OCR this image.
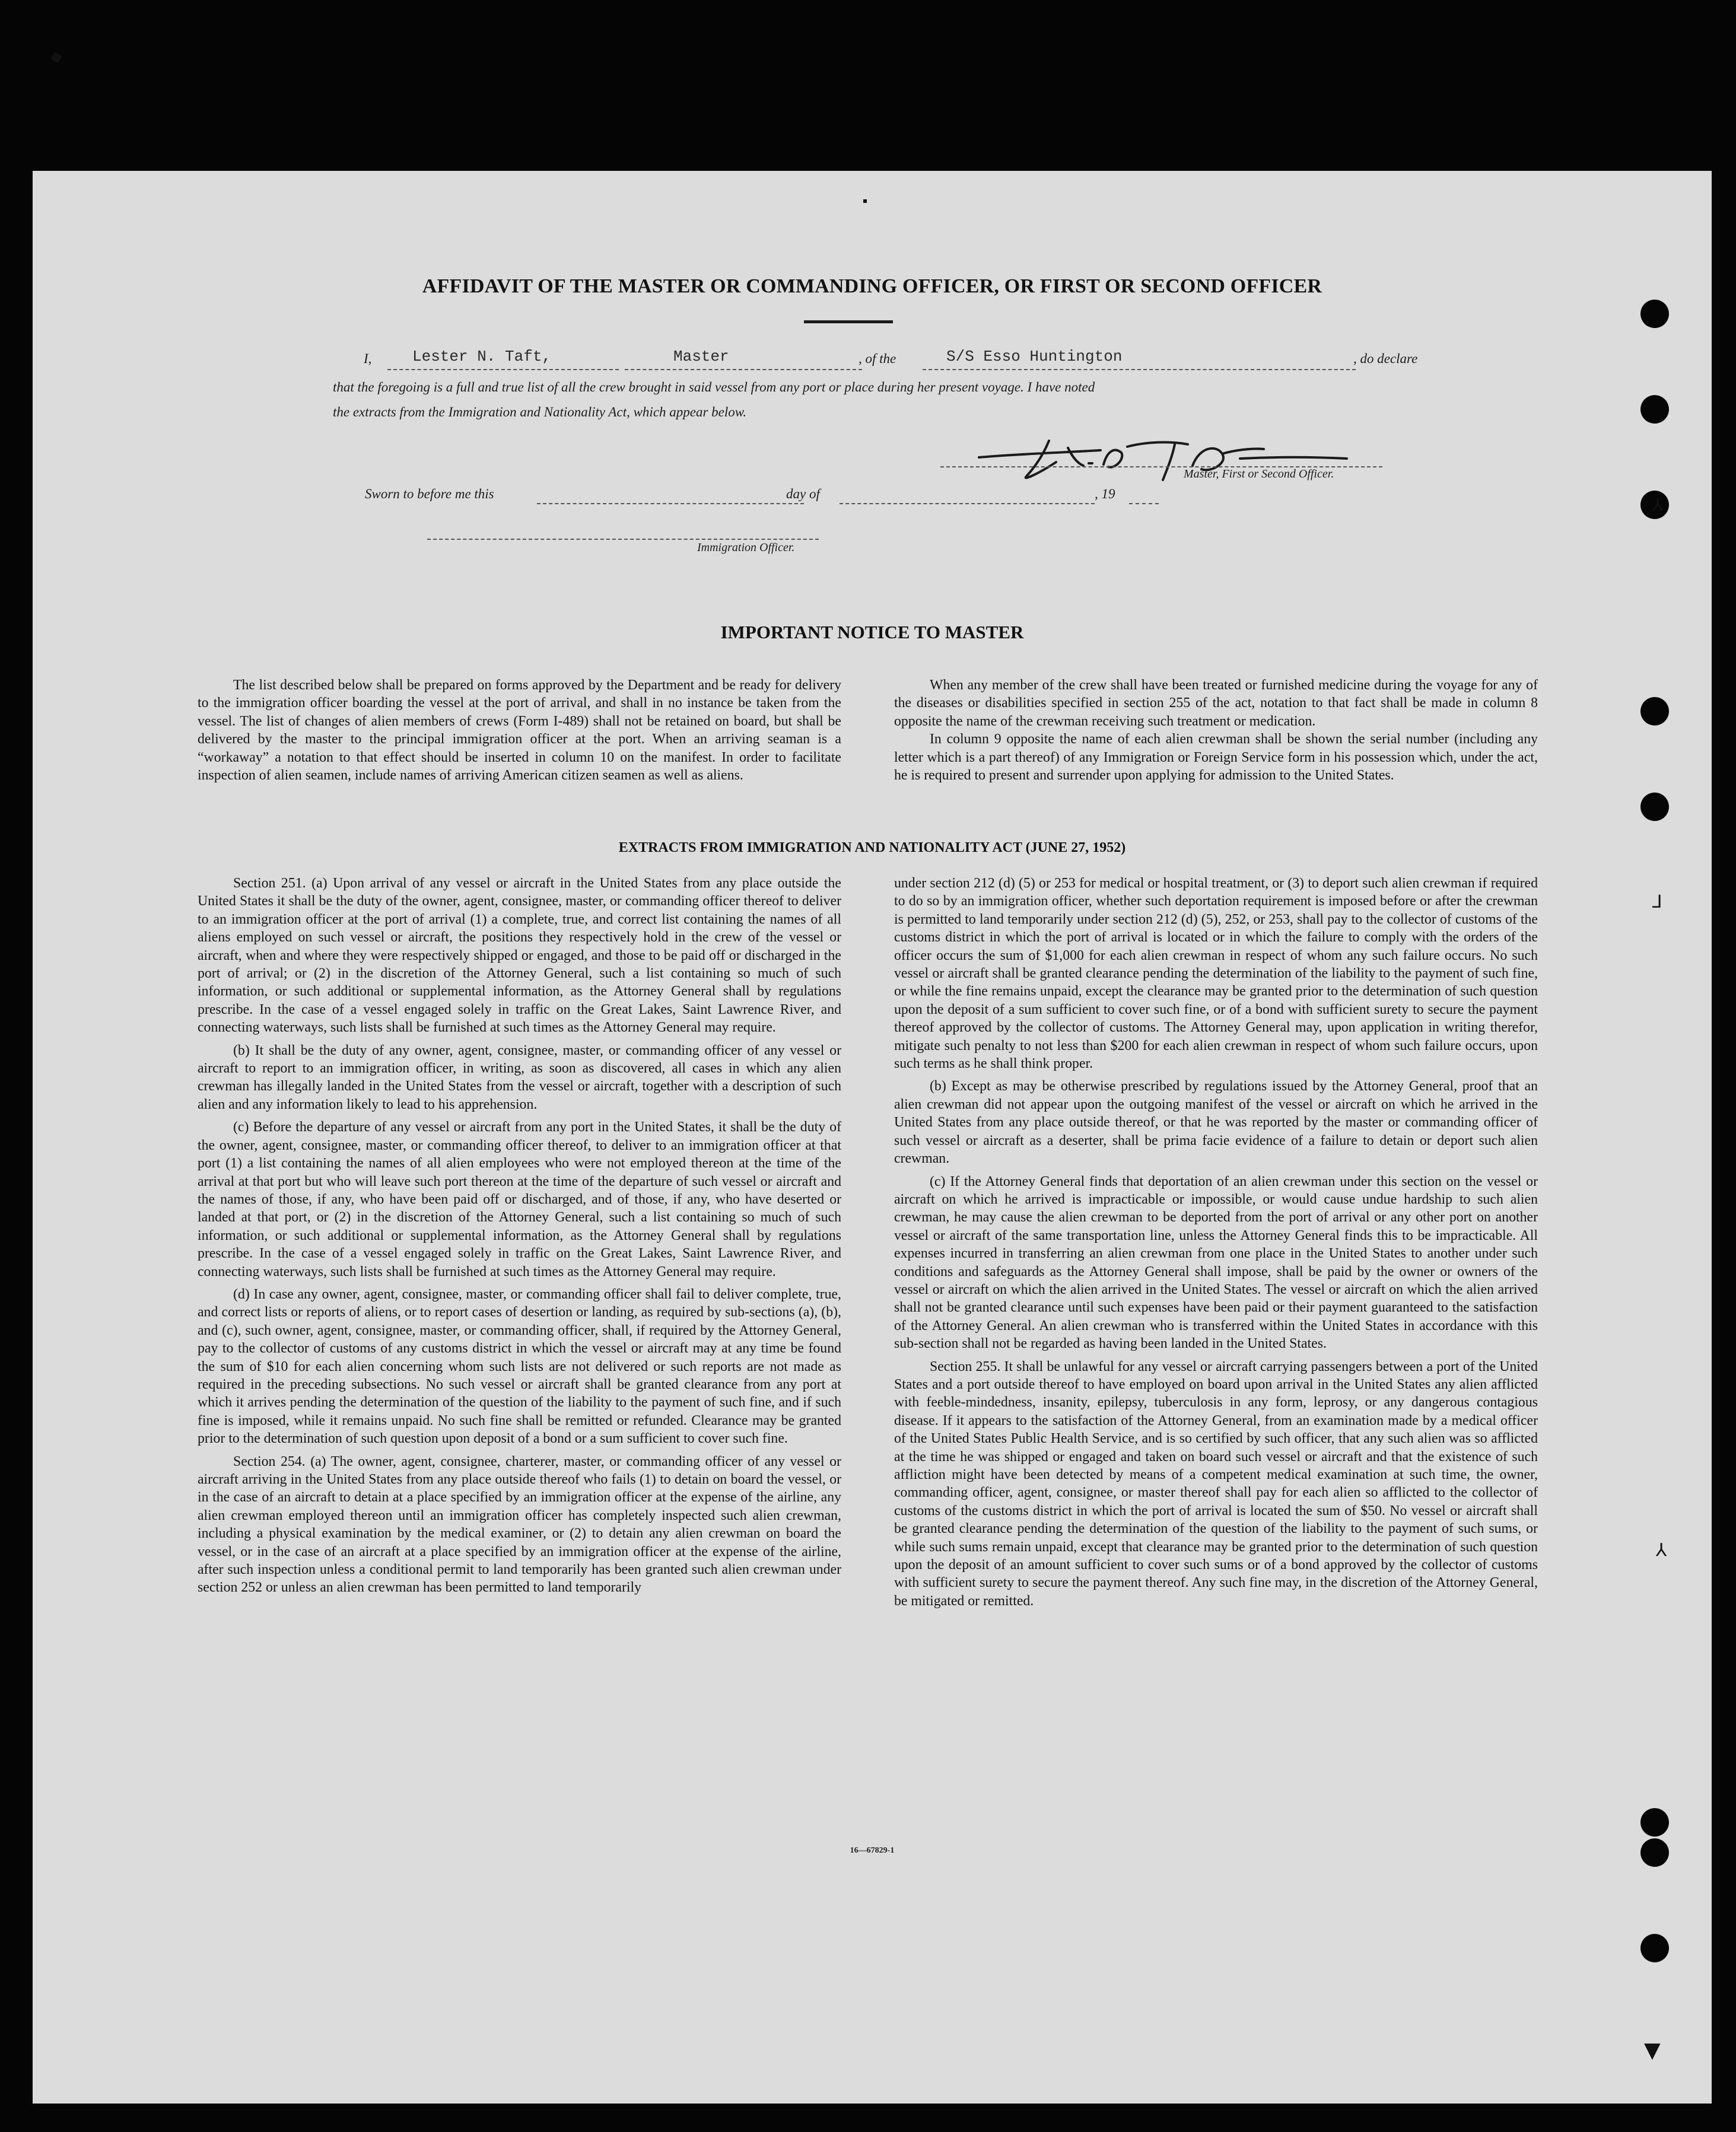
AFFIDAVIT OF THE MASTER OR COMMANDING OFFICER, OR FIRST OR SECOND OFFICER
I,	Lester N. Taft,	Master	, of the	S/S Esso Huntington	, do declare
that the foregoing is a full and true list of all the crew brought in said vessel from any port or place during her present voyage. I have noted
the extracts from the Immigration and Nationality Act, which appear below.
Master, First or Second Officer.
Sworn to before me this	day of	, 19
Immigration Officer.
IMPORTANT NOTICE TO MASTER

The list described below shall be prepared on forms approved by the Department and be ready for delivery to the immigration officer boarding the vessel at the port of arrival, and shall in no instance be taken from the vessel. The list of changes of alien members of crews (Form I-489) shall not be retained on board, but shall be delivered by the master to the principal immigration officer at the port. When an arriving seaman is a “workaway” a notation to that effect should be inserted in column 10 on the manifest. In order to facilitate inspection of alien seamen, include names of arriving American citizen seamen as well as aliens.

When any member of the crew shall have been treated or furnished medicine during the voyage for any of the diseases or disabilities specified in section 255 of the act, notation to that fact shall be made in column 8 opposite the name of the crewman receiving such treatment or medication.

In column 9 opposite the name of each alien crewman shall be shown the serial number (including any letter which is a part thereof) of any Immigration or Foreign Service form in his possession which, under the act, he is required to present and surrender upon applying for admission to the United States.

EXTRACTS FROM IMMIGRATION AND NATIONALITY ACT (JUNE 27, 1952)

Section 251. (a) Upon arrival of any vessel or aircraft in the United States from any place outside the United States it shall be the duty of the owner, agent, consignee, master, or commanding officer thereof to deliver to an immigration officer at the port of arrival (1) a complete, true, and correct list containing the names of all aliens employed on such vessel or aircraft, the positions they respectively hold in the crew of the vessel or aircraft, when and where they were respectively shipped or engaged, and those to be paid off or discharged in the port of arrival; or (2) in the discretion of the Attorney General, such a list containing so much of such information, or such additional or supplemental information, as the Attorney General shall by regulations prescribe. In the case of a vessel engaged solely in traffic on the Great Lakes, Saint Lawrence River, and connecting waterways, such lists shall be furnished at such times as the Attorney General may require.

(b) It shall be the duty of any owner, agent, consignee, master, or commanding officer of any vessel or aircraft to report to an immigration officer, in writing, as soon as discovered, all cases in which any alien crewman has illegally landed in the United States from the vessel or aircraft, together with a description of such alien and any information likely to lead to his apprehension.

(c) Before the departure of any vessel or aircraft from any port in the United States, it shall be the duty of the owner, agent, consignee, master, or commanding officer thereof, to deliver to an immigration officer at that port (1) a list containing the names of all alien employees who were not employed thereon at the time of the arrival at that port but who will leave such port thereon at the time of the departure of such vessel or aircraft and the names of those, if any, who have been paid off or discharged, and of those, if any, who have deserted or landed at that port, or (2) in the discretion of the Attorney General, such a list containing so much of such information, or such additional or supplemental information, as the Attorney General shall by regulations prescribe. In the case of a vessel engaged solely in traffic on the Great Lakes, Saint Lawrence River, and connecting waterways, such lists shall be furnished at such times as the Attorney General may require.

(d) In case any owner, agent, consignee, master, or commanding officer shall fail to deliver complete, true, and correct lists or reports of aliens, or to report cases of desertion or landing, as required by sub-sections (a), (b), and (c), such owner, agent, consignee, master, or commanding officer, shall, if required by the Attorney General, pay to the collector of customs of any customs district in which the vessel or aircraft may at any time be found the sum of $10 for each alien concerning whom such lists are not delivered or such reports are not made as required in the preceding subsections. No such vessel or aircraft shall be granted clearance from any port at which it arrives pending the determination of the question of the liability to the payment of such fine, and if such fine is imposed, while it remains unpaid. No such fine shall be remitted or refunded. Clearance may be granted prior to the determination of such question upon deposit of a bond or a sum sufficient to cover such fine.

Section 254. (a) The owner, agent, consignee, charterer, master, or commanding officer of any vessel or aircraft arriving in the United States from any place outside thereof who fails (1) to detain on board the vessel, or in the case of an aircraft to detain at a place specified by an immigration officer at the expense of the airline, any alien crewman employed thereon until an immigration officer has completely inspected such alien crewman, including a physical examination by the medical examiner, or (2) to detain any alien crewman on board the vessel, or in the case of an aircraft at a place specified by an immigration officer at the expense of the airline, after such inspection unless a conditional permit to land temporarily has been granted such alien crewman under section 252 or unless an alien crewman has been permitted to land temporarily

under section 212 (d) (5) or 253 for medical or hospital treatment, or (3) to deport such alien crewman if required to do so by an immigration officer, whether such deportation requirement is imposed before or after the crewman is permitted to land temporarily under section 212 (d) (5), 252, or 253, shall pay to the collector of customs of the customs district in which the port of arrival is located or in which the failure to comply with the orders of the officer occurs the sum of $1,000 for each alien crewman in respect of whom any such failure occurs. No such vessel or aircraft shall be granted clearance pending the determination of the liability to the payment of such fine, or while the fine remains unpaid, except the clearance may be granted prior to the determination of such question upon the deposit of a sum sufficient to cover such fine, or of a bond with sufficient surety to secure the payment thereof approved by the collector of customs. The Attorney General may, upon application in writing therefor, mitigate such penalty to not less than $200 for each alien crewman in respect of whom such failure occurs, upon such terms as he shall think proper.

(b) Except as may be otherwise prescribed by regulations issued by the Attorney General, proof that an alien crewman did not appear upon the outgoing manifest of the vessel or aircraft on which he arrived in the United States from any place outside thereof, or that he was reported by the master or commanding officer of such vessel or aircraft as a deserter, shall be prima facie evidence of a failure to detain or deport such alien crewman.

(c) If the Attorney General finds that deportation of an alien crewman under this section on the vessel or aircraft on which he arrived is impracticable or impossible, or would cause undue hardship to such alien crewman, he may cause the alien crewman to be deported from the port of arrival or any other port on another vessel or aircraft of the same transportation line, unless the Attorney General finds this to be impracticable. All expenses incurred in transferring an alien crewman from one place in the United States to another under such conditions and safeguards as the Attorney General shall impose, shall be paid by the owner or owners of the vessel or aircraft on which the alien arrived in the United States. The vessel or aircraft on which the alien arrived shall not be granted clearance until such expenses have been paid or their payment guaranteed to the satisfaction of the Attorney General. An alien crewman who is transferred within the United States in accordance with this sub-section shall not be regarded as having been landed in the United States.

Section 255. It shall be unlawful for any vessel or aircraft carrying passengers between a port of the United States and a port outside thereof to have employed on board upon arrival in the United States any alien afflicted with feeble-mindedness, insanity, epilepsy, tuberculosis in any form, leprosy, or any dangerous contagious disease. If it appears to the satisfaction of the Attorney General, from an examination made by a medical officer of the United States Public Health Service, and is so certified by such officer, that any such alien was so afflicted at the time he was shipped or engaged and taken on board such vessel or aircraft and that the existence of such affliction might have been detected by means of a competent medical examination at such time, the owner, commanding officer, agent, consignee, or master thereof shall pay for each alien so afflicted to the collector of customs of the customs district in which the port of arrival is located the sum of $50. No vessel or aircraft shall be granted clearance pending the determination of the question of the liability to the payment of such sums, or while such sums remain unpaid, except that clearance may be granted prior to the determination of such question upon the deposit of an amount sufficient to cover such sums or of a bond approved by the collector of customs with sufficient surety to secure the payment thereof. Any such fine may, in the discretion of the Attorney General, be mitigated or remitted.

16—67829-1
⅄
⅃
⅄
▼
